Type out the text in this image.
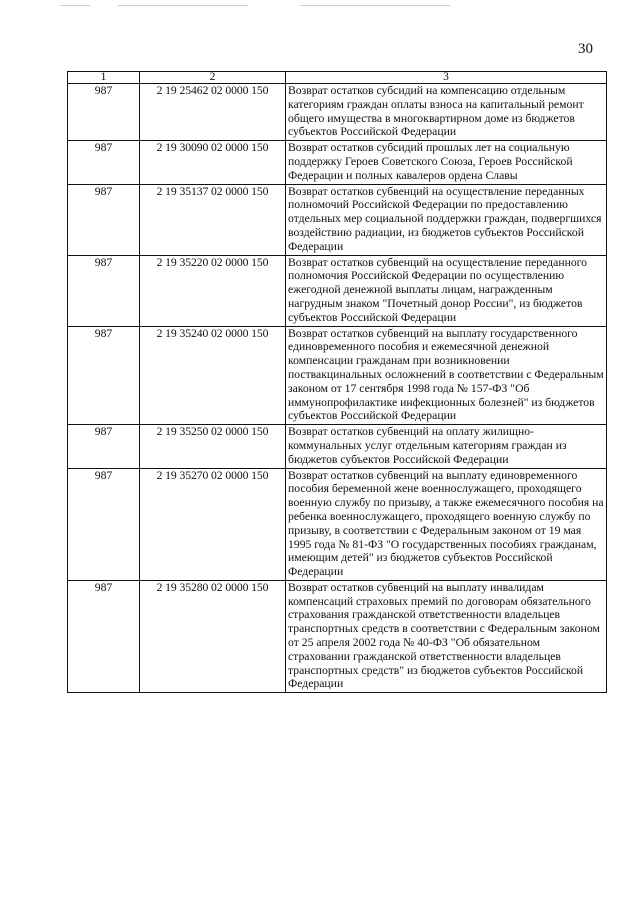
30
1	2	3
987	2 19 25462 02 0000 150	Возврат остатков субсидий на компенсацию отдельным категориям граждан оплаты взноса на капитальный ремонт общего имущества в многоквартирном доме из бюджетов субъектов Российской Федерации
987	2 19 30090 02 0000 150	Возврат остатков субсидий прошлых лет на социальную поддержку Героев Советского Союза, Героев Российской Федерации и полных кавалеров ордена Славы
987	2 19 35137 02 0000 150	Возврат остатков субвенций на осуществление переданных полномочий Российской Федерации по предоставлению отдельных мер социальной поддержки граждан, подвергшихся воздействию радиации, из бюджетов субъектов Российской Федерации
987	2 19 35220 02 0000 150	Возврат остатков субвенций на осуществление переданного полномочия Российской Федерации по осуществлению ежегодной денежной выплаты лицам, награжденным нагрудным знаком "Почетный донор России", из бюджетов субъектов Российской Федерации
987	2 19 35240 02 0000 150	Возврат остатков субвенций на выплату государственного единовременного пособия и ежемесячной денежной компенсации гражданам при возникновении поствакцинальных осложнений в соответствии с Федеральным законом от 17 сентября 1998 года № 157-ФЗ "Об иммунопрофилактике инфекционных болезней" из бюджетов субъектов Российской Федерации
987	2 19 35250 02 0000 150	Возврат остатков субвенций на оплату жилищно-коммунальных услуг отдельным категориям граждан из бюджетов субъектов Российской Федерации
987	2 19 35270 02 0000 150	Возврат остатков субвенций на выплату единовременного пособия беременной жене военнослужащего, проходящего военную службу по призыву, а также ежемесячного пособия на ребенка военнослужащего, проходящего военную службу по призыву, в соответствии с Федеральным законом от 19 мая 1995 года № 81-ФЗ "О государственных пособиях гражданам, имеющим детей" из бюджетов субъектов Российской Федерации
987	2 19 35280 02 0000 150	Возврат остатков субвенций на выплату инвалидам компенсаций страховых премий по договорам обязательного страхования гражданской ответственности владельцев транспортных средств в соответствии с Федеральным законом от 25 апреля 2002 года № 40-ФЗ "Об обязательном страховании гражданской ответственности владельцев транспортных средств" из бюджетов субъектов Российской Федерации
